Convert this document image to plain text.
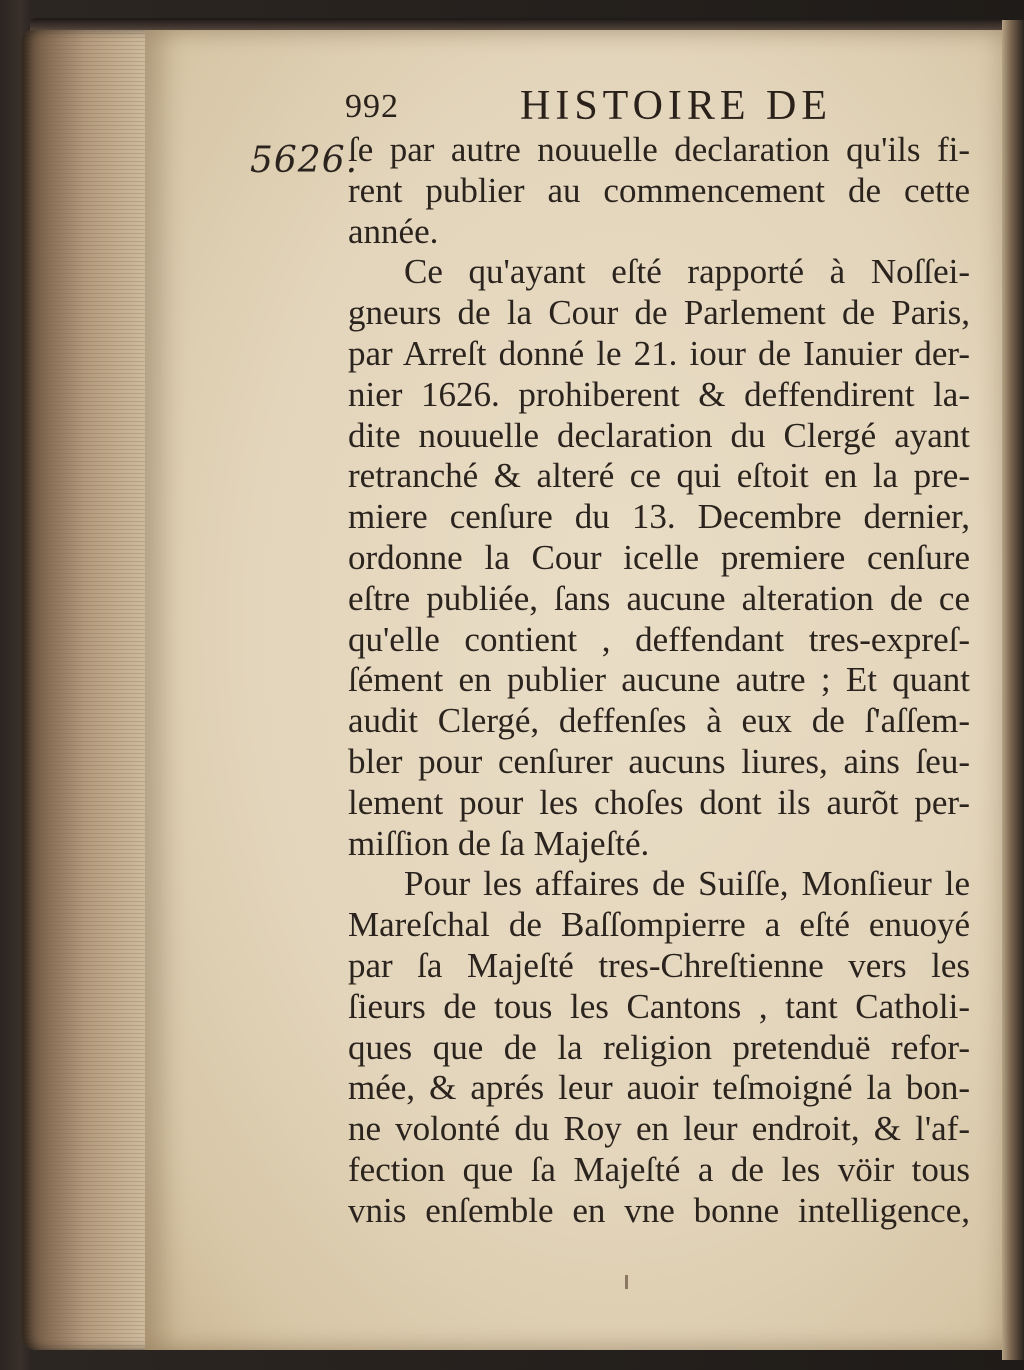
5626.
992	HISTOIRE DE
ſe par autre nouuelle declaration qu'ils fi-
rent publier au commencement de cette
année.
Ce qu'ayant eſté rapporté à Noſſei-
gneurs de la Cour de Parlement de Paris,
par Arreſt donné le 21. iour de Ianuier der-
nier 1626. prohiberent & deffendirent la-
dite nouuelle declaration du Clergé ayant
retranché & alteré ce qui eſtoit en la pre-
miere cenſure du 13. Decembre dernier,
ordonne la Cour icelle premiere cenſure
eſtre publiée, ſans aucune alteration de ce
qu'elle contient , deffendant tres-expreſ-
ſément en publier aucune autre ; Et quant
audit Clergé, deffenſes à eux de ſ'aſſem-
bler pour cenſurer aucuns liures, ains ſeu-
lement pour les choſes dont ils aurõt per-
miſſion de ſa Majeſté.
Pour les affaires de Suiſſe, Monſieur le
Mareſchal de Baſſompierre a eſté enuoyé
par ſa Majeſté tres-Chreſtienne vers les
ſieurs de tous les Cantons , tant Catholi-
ques que de la religion pretenduë refor-
mée, & aprés leur auoir teſmoigné la bon-
ne volonté du Roy en leur endroit, & l'af-
fection que ſa Majeſté a de les vöir tous
vnis enſemble en vne bonne intelligence,
